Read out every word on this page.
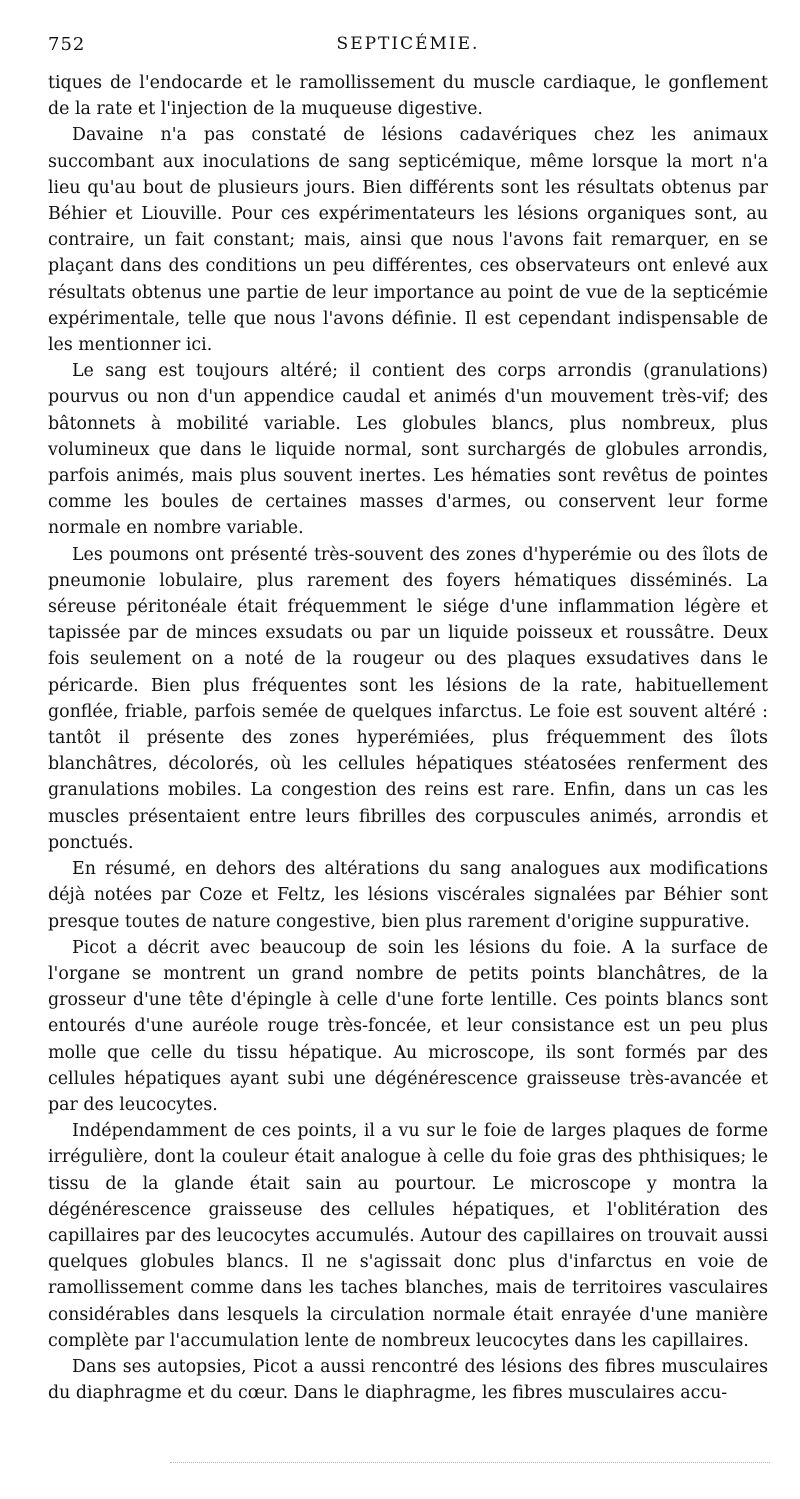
752	SEPTICÉMIE.

tiques de l'endocarde et le ramollissement du muscle cardiaque, le gonflement de la rate et l'injection de la muqueuse digestive.

Davaine n'a pas constaté de lésions cadavériques chez les animaux succombant aux inoculations de sang septicémique, même lorsque la mort n'a lieu qu'au bout de plusieurs jours. Bien différents sont les résultats obtenus par Béhier et Liouville. Pour ces expérimentateurs les lésions organiques sont, au contraire, un fait constant; mais, ainsi que nous l'avons fait remarquer, en se plaçant dans des conditions un peu différentes, ces observateurs ont enlevé aux résultats obtenus une partie de leur importance au point de vue de la septicémie expérimentale, telle que nous l'avons définie. Il est cependant indispensable de les mentionner ici.

Le sang est toujours altéré; il contient des corps arrondis (granulations) pourvus ou non d'un appendice caudal et animés d'un mouvement très-vif; des bâtonnets à mobilité variable. Les globules blancs, plus nombreux, plus volumineux que dans le liquide normal, sont surchargés de globules arrondis, parfois animés, mais plus souvent inertes. Les hématies sont revêtus de pointes comme les boules de certaines masses d'armes, ou conservent leur forme normale en nombre variable.

Les poumons ont présenté très-souvent des zones d'hyperémie ou des îlots de pneumonie lobulaire, plus rarement des foyers hématiques disséminés. La séreuse péritonéale était fréquemment le siége d'une inflammation légère et tapissée par de minces exsudats ou par un liquide poisseux et roussâtre. Deux fois seulement on a noté de la rougeur ou des plaques exsudatives dans le péricarde. Bien plus fréquentes sont les lésions de la rate, habituellement gonflée, friable, parfois semée de quelques infarctus. Le foie est souvent altéré : tantôt il présente des zones hyperémiées, plus fréquemment des îlots blanchâtres, décolorés, où les cellules hépatiques stéatosées renferment des granulations mobiles. La congestion des reins est rare. Enfin, dans un cas les muscles présentaient entre leurs fibrilles des corpuscules animés, arrondis et ponctués.

En résumé, en dehors des altérations du sang analogues aux modifications déjà notées par Coze et Feltz, les lésions viscérales signalées par Béhier sont presque toutes de nature congestive, bien plus rarement d'origine suppurative.

Picot a décrit avec beaucoup de soin les lésions du foie. A la surface de l'organe se montrent un grand nombre de petits points blanchâtres, de la grosseur d'une tête d'épingle à celle d'une forte lentille. Ces points blancs sont entourés d'une auréole rouge très-foncée, et leur consistance est un peu plus molle que celle du tissu hépatique. Au microscope, ils sont formés par des cellules hépatiques ayant subi une dégénérescence graisseuse très-avancée et par des leucocytes.

Indépendamment de ces points, il a vu sur le foie de larges plaques de forme irrégulière, dont la couleur était analogue à celle du foie gras des phthisiques; le tissu de la glande était sain au pourtour. Le microscope y montra la dégénérescence graisseuse des cellules hépatiques, et l'oblitération des capillaires par des leucocytes accumulés. Autour des capillaires on trouvait aussi quelques globules blancs. Il ne s'agissait donc plus d'infarctus en voie de ramollissement comme dans les taches blanches, mais de territoires vasculaires considérables dans lesquels la circulation normale était enrayée d'une manière complète par l'accumulation lente de nombreux leucocytes dans les capillaires.

Dans ses autopsies, Picot a aussi rencontré des lésions des fibres musculaires du diaphragme et du cœur. Dans le diaphragme, les fibres musculaires accu-
